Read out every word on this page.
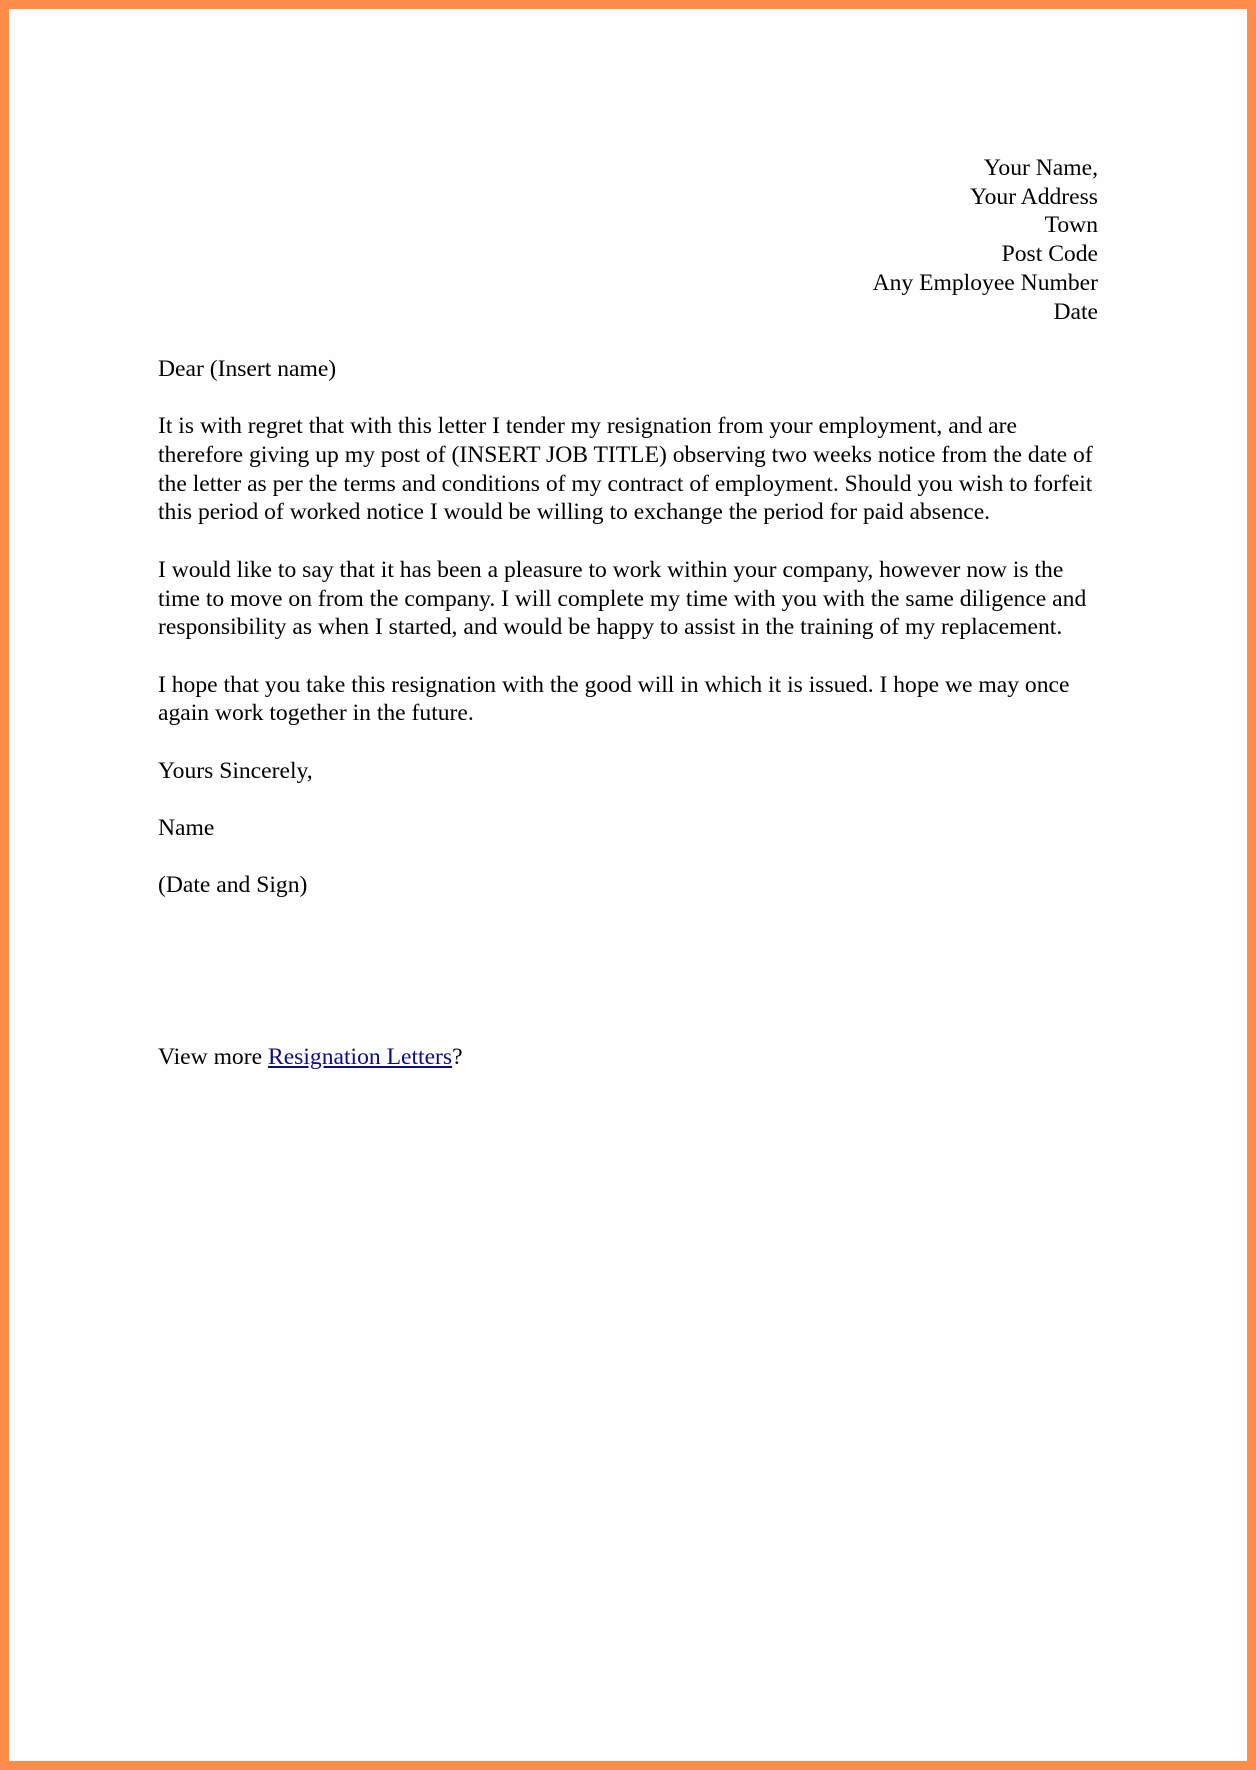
Your Name,
Your Address
Town
Post Code
Any Employee Number
Date
Dear (Insert name)
It is with regret that with this letter I tender my resignation from your employment, and are therefore giving up my post of (INSERT JOB TITLE) observing two weeks notice from the date of the letter as per the terms and conditions of my contract of employment. Should you wish to forfeit this period of worked notice I would be willing to exchange the period for paid absence.
I would like to say that it has been a pleasure to work within your company, however now is the time to move on from the company. I will complete my time with you with the same diligence and responsibility as when I started, and would be happy to assist in the training of my replacement.
I hope that you take this resignation with the good will in which it is issued. I hope we may once again work together in the future.
Yours Sincerely,
Name
(Date and Sign)
View more Resignation Letters?
